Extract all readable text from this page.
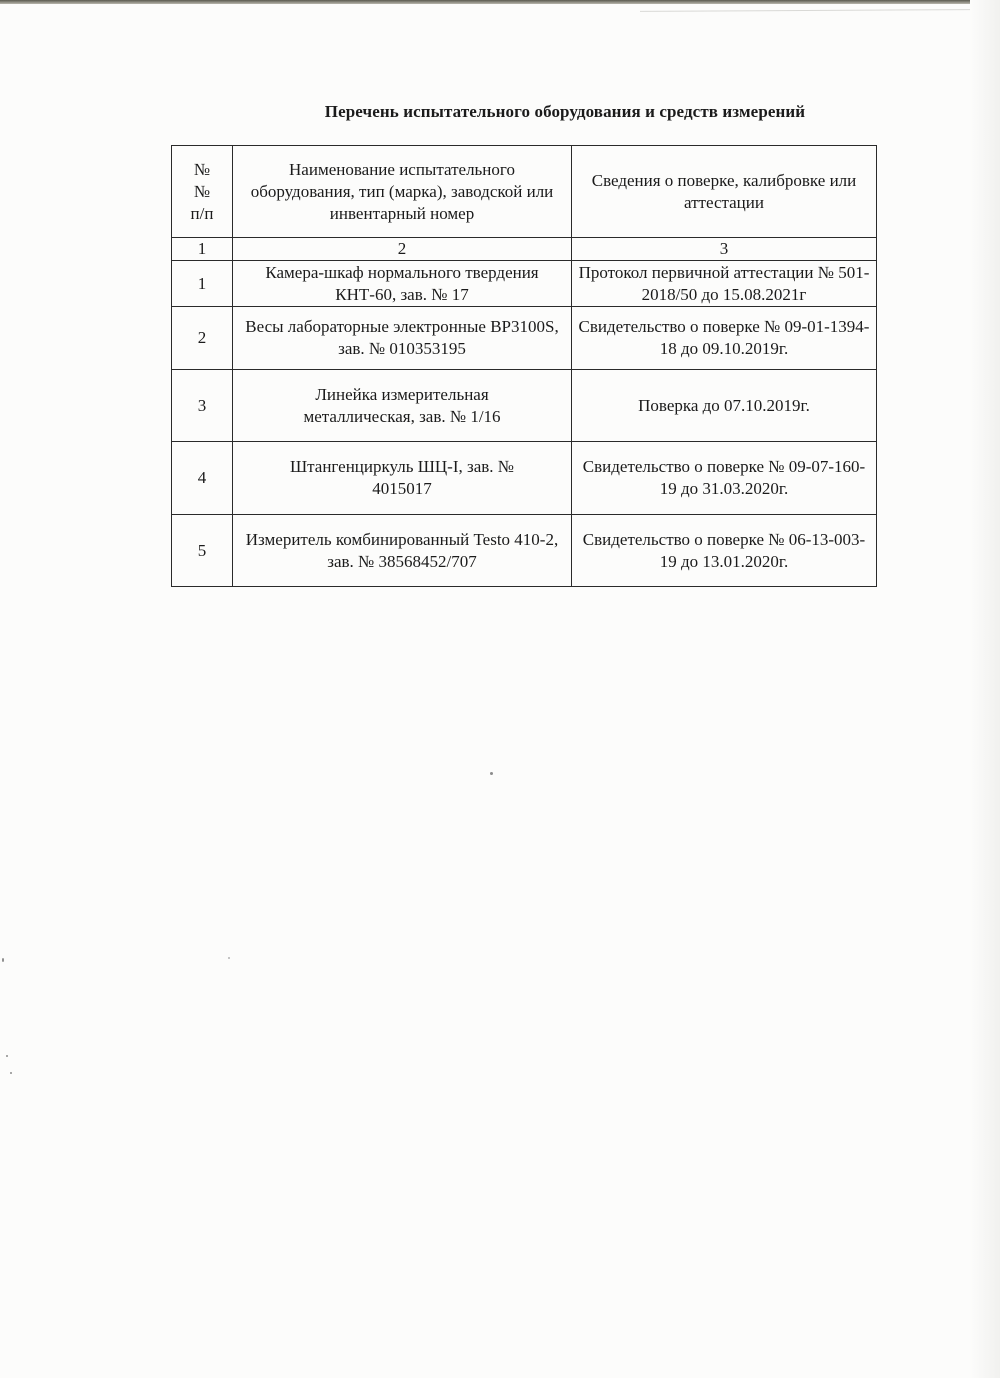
Перечень испытательного оборудования и средств измерений
№№ п/п	Наименование испытательного оборудования, тип (марка), заводской или инвентарный номер	Сведения о поверке, калибровке или аттестации
1	2	3
1	Камера-шкаф нормального твердения КНТ-60, зав. № 17	Протокол первичной аттестации № 501-2018/50 до 15.08.2021г
2	Весы лабораторные электронные ВР3100S, зав. № 010353195	Свидетельство о поверке № 09-01-1394-18 до 09.10.2019г.
3	Линейка измерительная металлическая, зав. № 1/16	Поверка до 07.10.2019г.
4	Штангенциркуль ШЦ-I, зав. № 4015017	Свидетельство о поверке № 09-07-160-19 до 31.03.2020г.
5	Измеритель комбинированный Testo 410-2, зав. № 38568452/707	Свидетельство о поверке № 06-13-003-19 до 13.01.2020г.
